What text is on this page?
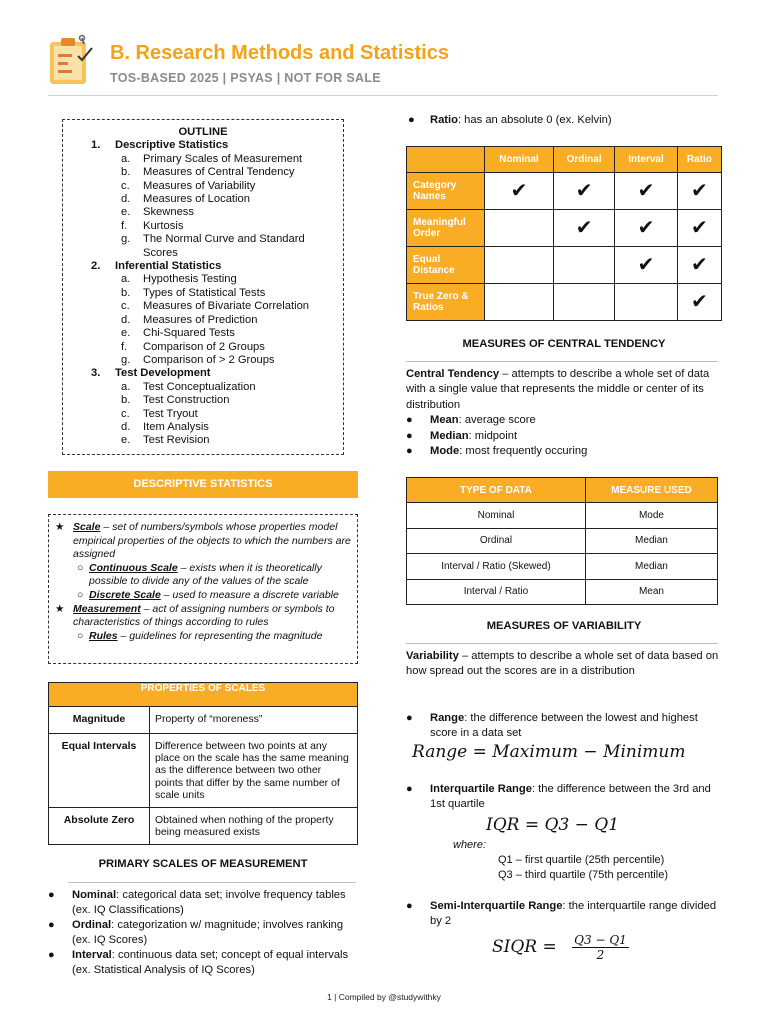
B. Research Methods and Statistics
TOS-BASED 2025 | PSYAS | NOT FOR SALE
OUTLINE
1.	Descriptive Statistics
a.	Primary Scales of Measurement
b.	Measures of Central Tendency
c.	Measures of Variability
d.	Measures of Location
e.	Skewness
f.	Kurtosis
g.	The Normal Curve and Standard Scores
2.	Inferential Statistics
a.	Hypothesis Testing
b.	Types of Statistical Tests
c.	Measures of Bivariate Correlation
d.	Measures of Prediction
e.	Chi-Squared Tests
f.	Comparison of 2 Groups
g.	Comparison of > 2 Groups
3.	Test Development
a.	Test Conceptualization
b.	Test Construction
c.	Test Tryout
d.	Item Analysis
e.	Test Revision
DESCRIPTIVE STATISTICS
★ Scale – set of numbers/symbols whose properties model empirical properties of the objects to which the numbers are assigned
○ Continuous Scale – exists when it is theoretically possible to divide any of the values of the scale
○ Discrete Scale – used to measure a discrete variable
★ Measurement – act of assigning numbers or symbols to characteristics of things according to rules
○ Rules – guidelines for representing the magnitude
PROPERTIES OF SCALES	
Magnitude	Property of “moreness”
Equal Intervals	Difference between two points at any place on the scale has the same meaning as the difference between two other points that differ by the same number of scale units
Absolute Zero	Obtained when nothing of the property being measured exists
PRIMARY SCALES OF MEASUREMENT
●	Nominal: categorical data set; involve frequency tables (ex. IQ Classifications)
●	Ordinal: categorization w/ magnitude; involves ranking (ex. IQ Scores)
●	Interval: continuous data set; concept of equal intervals (ex. Statistical Analysis of IQ Scores)
● Ratio: has an absolute 0 (ex. Kelvin)
	Nominal	Ordinal	Interval	Ratio
Category Names	✔	✔	✔	✔
Meaningful Order		✔	✔	✔
Equal Distance			✔	✔
True Zero & Ratios				✔
MEASURES OF CENTRAL TENDENCY
Central Tendency – attempts to describe a whole set of data with a single value that represents the middle or center of its distribution
●	Mean: average score
●	Median: midpoint
●	Mode: most frequently occuring
TYPE OF DATA	MEASURE USED
Nominal	Mode
Ordinal	Median
Interval / Ratio (Skewed)	Median
Interval / Ratio	Mean
MEASURES OF VARIABILITY
Variability – attempts to describe a whole set of data based on how spread out the scores are in a distribution
●	Range: the difference between the lowest and highest score in a data set
Range = Maximum − Minimum
●	Interquartile Range: the difference between the 3rd and 1st quartile
IQR = Q3 − Q1
where:
Q1 – first quartile (25th percentile)
Q3 – third quartile (75th percentile)
●	Semi-Interquartile Range: the interquartile range divided by 2
SIQR = $\frac{Q3 - Q1}{2}$
1 | Compiled by @studywithky
